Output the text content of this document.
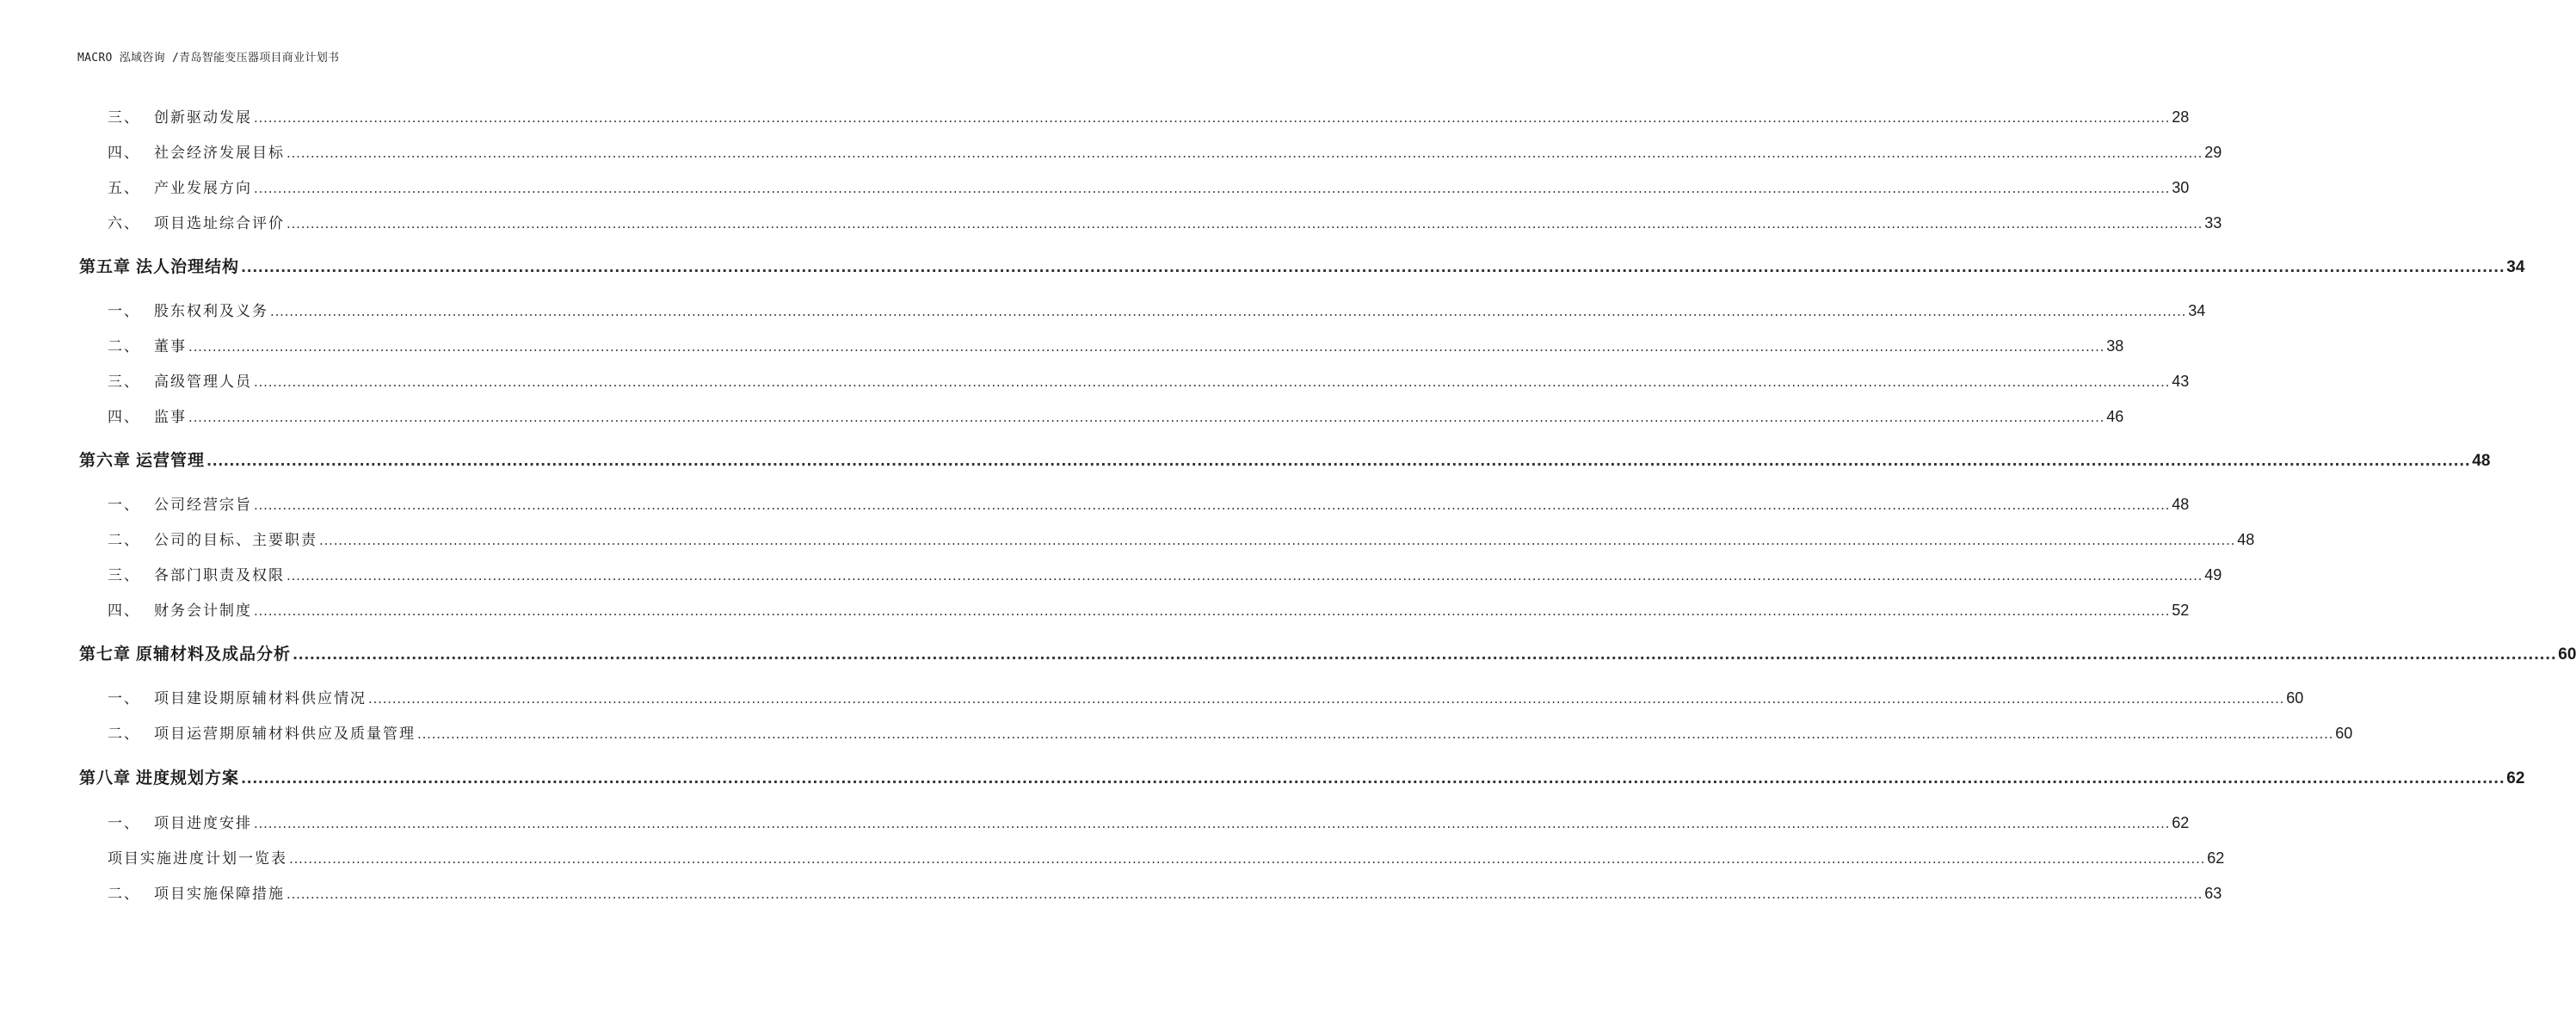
MACRO 泓域咨询 /青岛智能变压器项目商业计划书
三、 创新驱动发展 ................................................................................................................................................................................................................................................................................................................................................................................................................ 28
四、 社会经济发展目标 ................................................................................................................................................................................................................................................................................................................................................................................................................ 29
五、 产业发展方向 ................................................................................................................................................................................................................................................................................................................................................................................................................ 30
六、 项目选址综合评价 ................................................................................................................................................................................................................................................................................................................................................................................................................ 33
第五章 法人治理结构 ................................................................................................................................................................................................................................................................................................................................................................................................................ 34
一、 股东权利及义务 ................................................................................................................................................................................................................................................................................................................................................................................................................ 34
二、 董事 ................................................................................................................................................................................................................................................................................................................................................................................................................ 38
三、 高级管理人员 ................................................................................................................................................................................................................................................................................................................................................................................................................ 43
四、 监事 ................................................................................................................................................................................................................................................................................................................................................................................................................ 46
第六章 运营管理 ................................................................................................................................................................................................................................................................................................................................................................................................................ 48
一、 公司经营宗旨 ................................................................................................................................................................................................................................................................................................................................................................................................................ 48
二、 公司的目标、主要职责 ................................................................................................................................................................................................................................................................................................................................................................................................................ 48
三、 各部门职责及权限 ................................................................................................................................................................................................................................................................................................................................................................................................................ 49
四、 财务会计制度 ................................................................................................................................................................................................................................................................................................................................................................................................................ 52
第七章 原辅材料及成品分析 ................................................................................................................................................................................................................................................................................................................................................................................................................ 60
一、 项目建设期原辅材料供应情况 ................................................................................................................................................................................................................................................................................................................................................................................................................ 60
二、 项目运营期原辅材料供应及质量管理 ................................................................................................................................................................................................................................................................................................................................................................................................................ 60
第八章 进度规划方案 ................................................................................................................................................................................................................................................................................................................................................................................................................ 62
一、 项目进度安排 ................................................................................................................................................................................................................................................................................................................................................................................................................ 62
项目实施进度计划一览表 ................................................................................................................................................................................................................................................................................................................................................................................................................ 62
二、 项目实施保障措施 ................................................................................................................................................................................................................................................................................................................................................................................................................ 63
